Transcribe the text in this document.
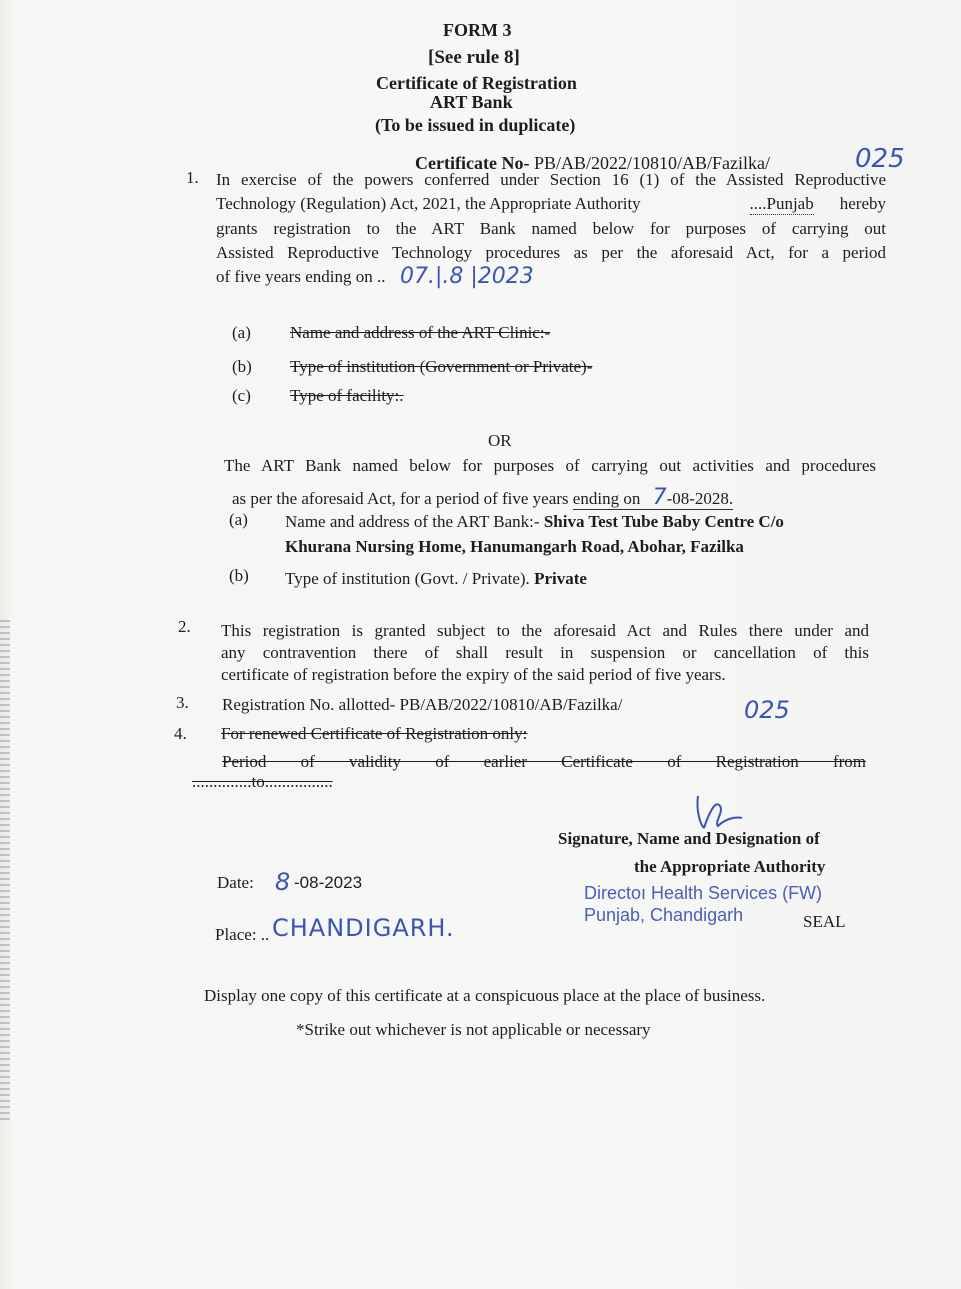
FORM 3
[See rule 8]
Certificate of Registration
ART Bank
(To be issued in duplicate)
Certificate No- PB/AB/2022/10810/AB/Fazilka/	025
1. In exercise of the powers conferred under Section 16 (1) of the Assisted Reproductive
Technology (Regulation) Act, 2021, the Appropriate Authority	....Punjab hereby
grants registration to the ART Bank named below for purposes of carrying out
Assisted Reproductive Technology procedures as per the aforesaid Act, for a period
of five years ending on .. 07.|.8 |2023
(a) Name and address of the ART Clinic:-
(b) Type of institution (Government or Private)-
(c) Type of facility:.
OR
The ART Bank named below for purposes of carrying out activities and procedures
as per the aforesaid Act, for a period of five years ending on 7-08-2028.
(a) Name and address of the ART Bank:- Shiva Test Tube Baby Centre C/o
Khurana Nursing Home, Hanumangarh Road, Abohar, Fazilka
(b) Type of institution (Govt. / Private). Private
2. This registration is granted subject to the aforesaid Act and Rules there under and
any contravention there of shall result in suspension or cancellation of this
certificate of registration before the expiry of the said period of five years.
3. Registration No. allotted- PB/AB/2022/10810/AB/Fazilka/	025
4. For renewed Certificate of Registration only:
Period of validity of earlier Certificate of Registration from
..............to................
Signature, Name and Designation of
the Appropriate Authority
Directoı Health Services (FW)
Punjab, Chandigarh	SEAL
Date: 8 -08-2023
Place: .. CHANDIGARH.
Display one copy of this certificate at a conspicuous place at the place of business.
*Strike out whichever is not applicable or necessary
